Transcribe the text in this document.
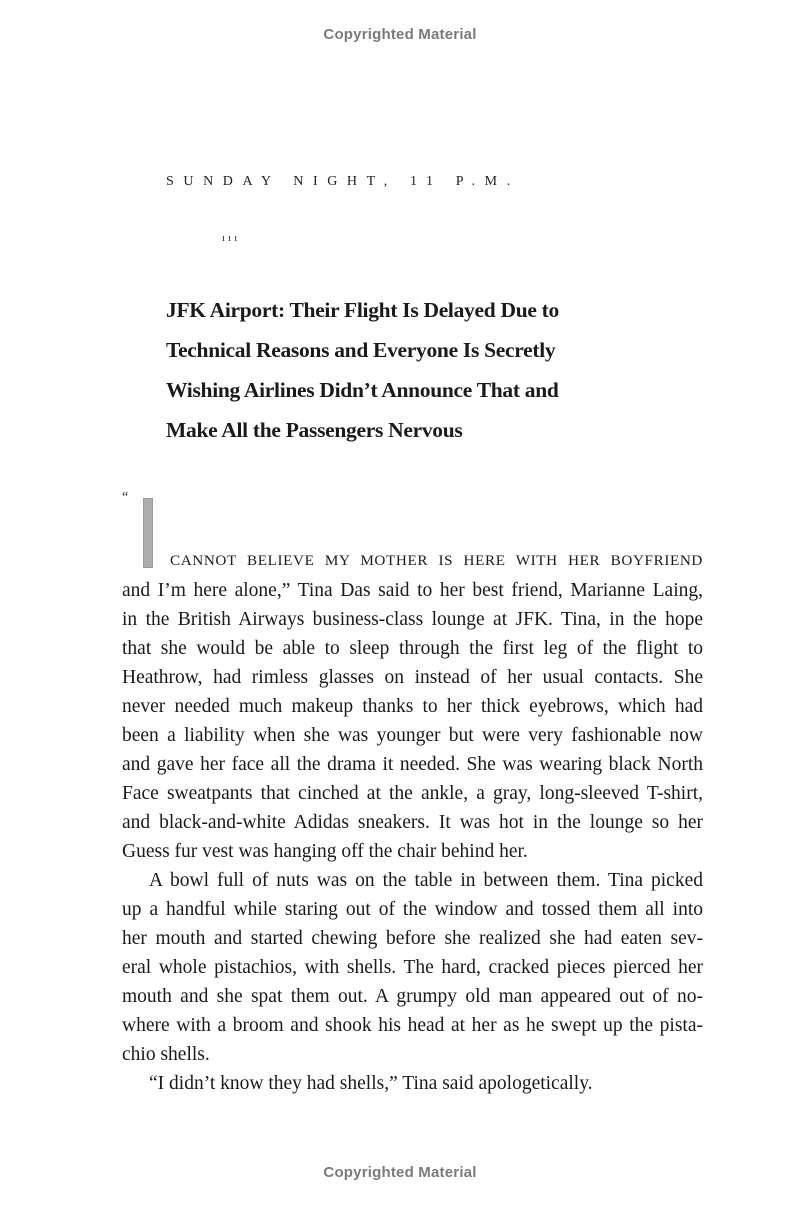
Copyrighted Material
SUNDAY NIGHT, 11 P.M.
ııı
JFK Airport: Their Flight Is Delayed Due to
Technical Reasons and Everyone Is Secretly
Wishing Airlines Didn’t Announce That and
Make All the Passengers Nervous
“
CANNOT BELIEVE MY MOTHER IS HERE WITH HER BOYFRIEND
and I’m here alone,” Tina Das said to her best friend, Marianne Laing,
in the British Airways business-class lounge at JFK. Tina, in the hope
that she would be able to sleep through the first leg of the flight to
Heathrow, had rimless glasses on instead of her usual contacts. She
never needed much makeup thanks to her thick eyebrows, which had
been a liability when she was younger but were very fashionable now
and gave her face all the drama it needed. She was wearing black North
Face sweatpants that cinched at the ankle, a gray, long-sleeved T-shirt,
and black-and-white Adidas sneakers. It was hot in the lounge so her
Guess fur vest was hanging off the chair behind her.
A bowl full of nuts was on the table in between them. Tina picked
up a handful while staring out of the window and tossed them all into
her mouth and started chewing before she realized she had eaten sev-
eral whole pistachios, with shells. The hard, cracked pieces pierced her
mouth and she spat them out. A grumpy old man appeared out of no-
where with a broom and shook his head at her as he swept up the pista-
chio shells.
“I didn’t know they had shells,” Tina said apologetically.
Copyrighted Material
